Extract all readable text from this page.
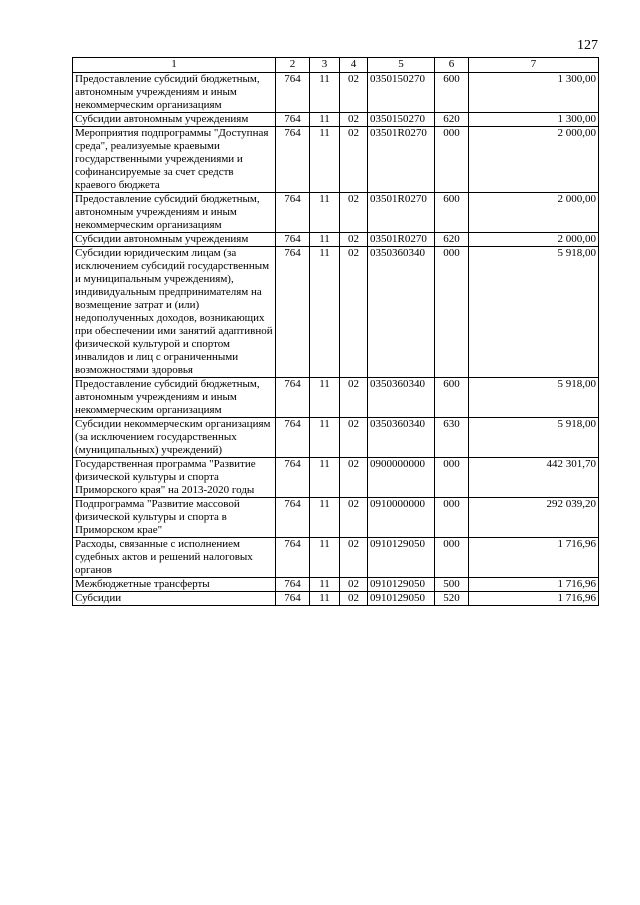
127
1	2	3	4	5	6	7
Предоставление субсидий бюджетным, автономным учреждениям и иным некоммерческим организациям	764	11	02	0350150270	600	1 300,00
Субсидии автономным учреждениям	764	11	02	0350150270	620	1 300,00
Мероприятия подпрограммы "Доступная среда", реализуемые краевыми государственными учреждениями и софинансируемые за счет средств краевого бюджета	764	11	02	03501R0270	000	2 000,00
Предоставление субсидий бюджетным, автономным учреждениям и иным некоммерческим организациям	764	11	02	03501R0270	600	2 000,00
Субсидии автономным учреждениям	764	11	02	03501R0270	620	2 000,00
Субсидии юридическим лицам (за исключением субсидий государственным и муниципальным учреждениям), индивидуальным предпринимателям на возмещение затрат и (или) недополученных доходов, возникающих при обеспечении ими занятий адаптивной физической культурой и спортом инвалидов и лиц с ограниченными возможностями здоровья	764	11	02	0350360340	000	5 918,00
Предоставление субсидий бюджетным, автономным учреждениям и иным некоммерческим организациям	764	11	02	0350360340	600	5 918,00
Субсидии некоммерческим организациям (за исключением государственных (муниципальных) учреждений)	764	11	02	0350360340	630	5 918,00
Государственная программа "Развитие физической культуры и спорта Приморского края" на 2013-2020 годы	764	11	02	0900000000	000	442 301,70
Подпрограмма "Развитие массовой физической культуры и спорта в Приморском крае"	764	11	02	0910000000	000	292 039,20
Расходы, связанные с исполнением судебных актов и решений налоговых органов	764	11	02	0910129050	000	1 716,96
Межбюджетные трансферты	764	11	02	0910129050	500	1 716,96
Субсидии	764	11	02	0910129050	520	1 716,96
